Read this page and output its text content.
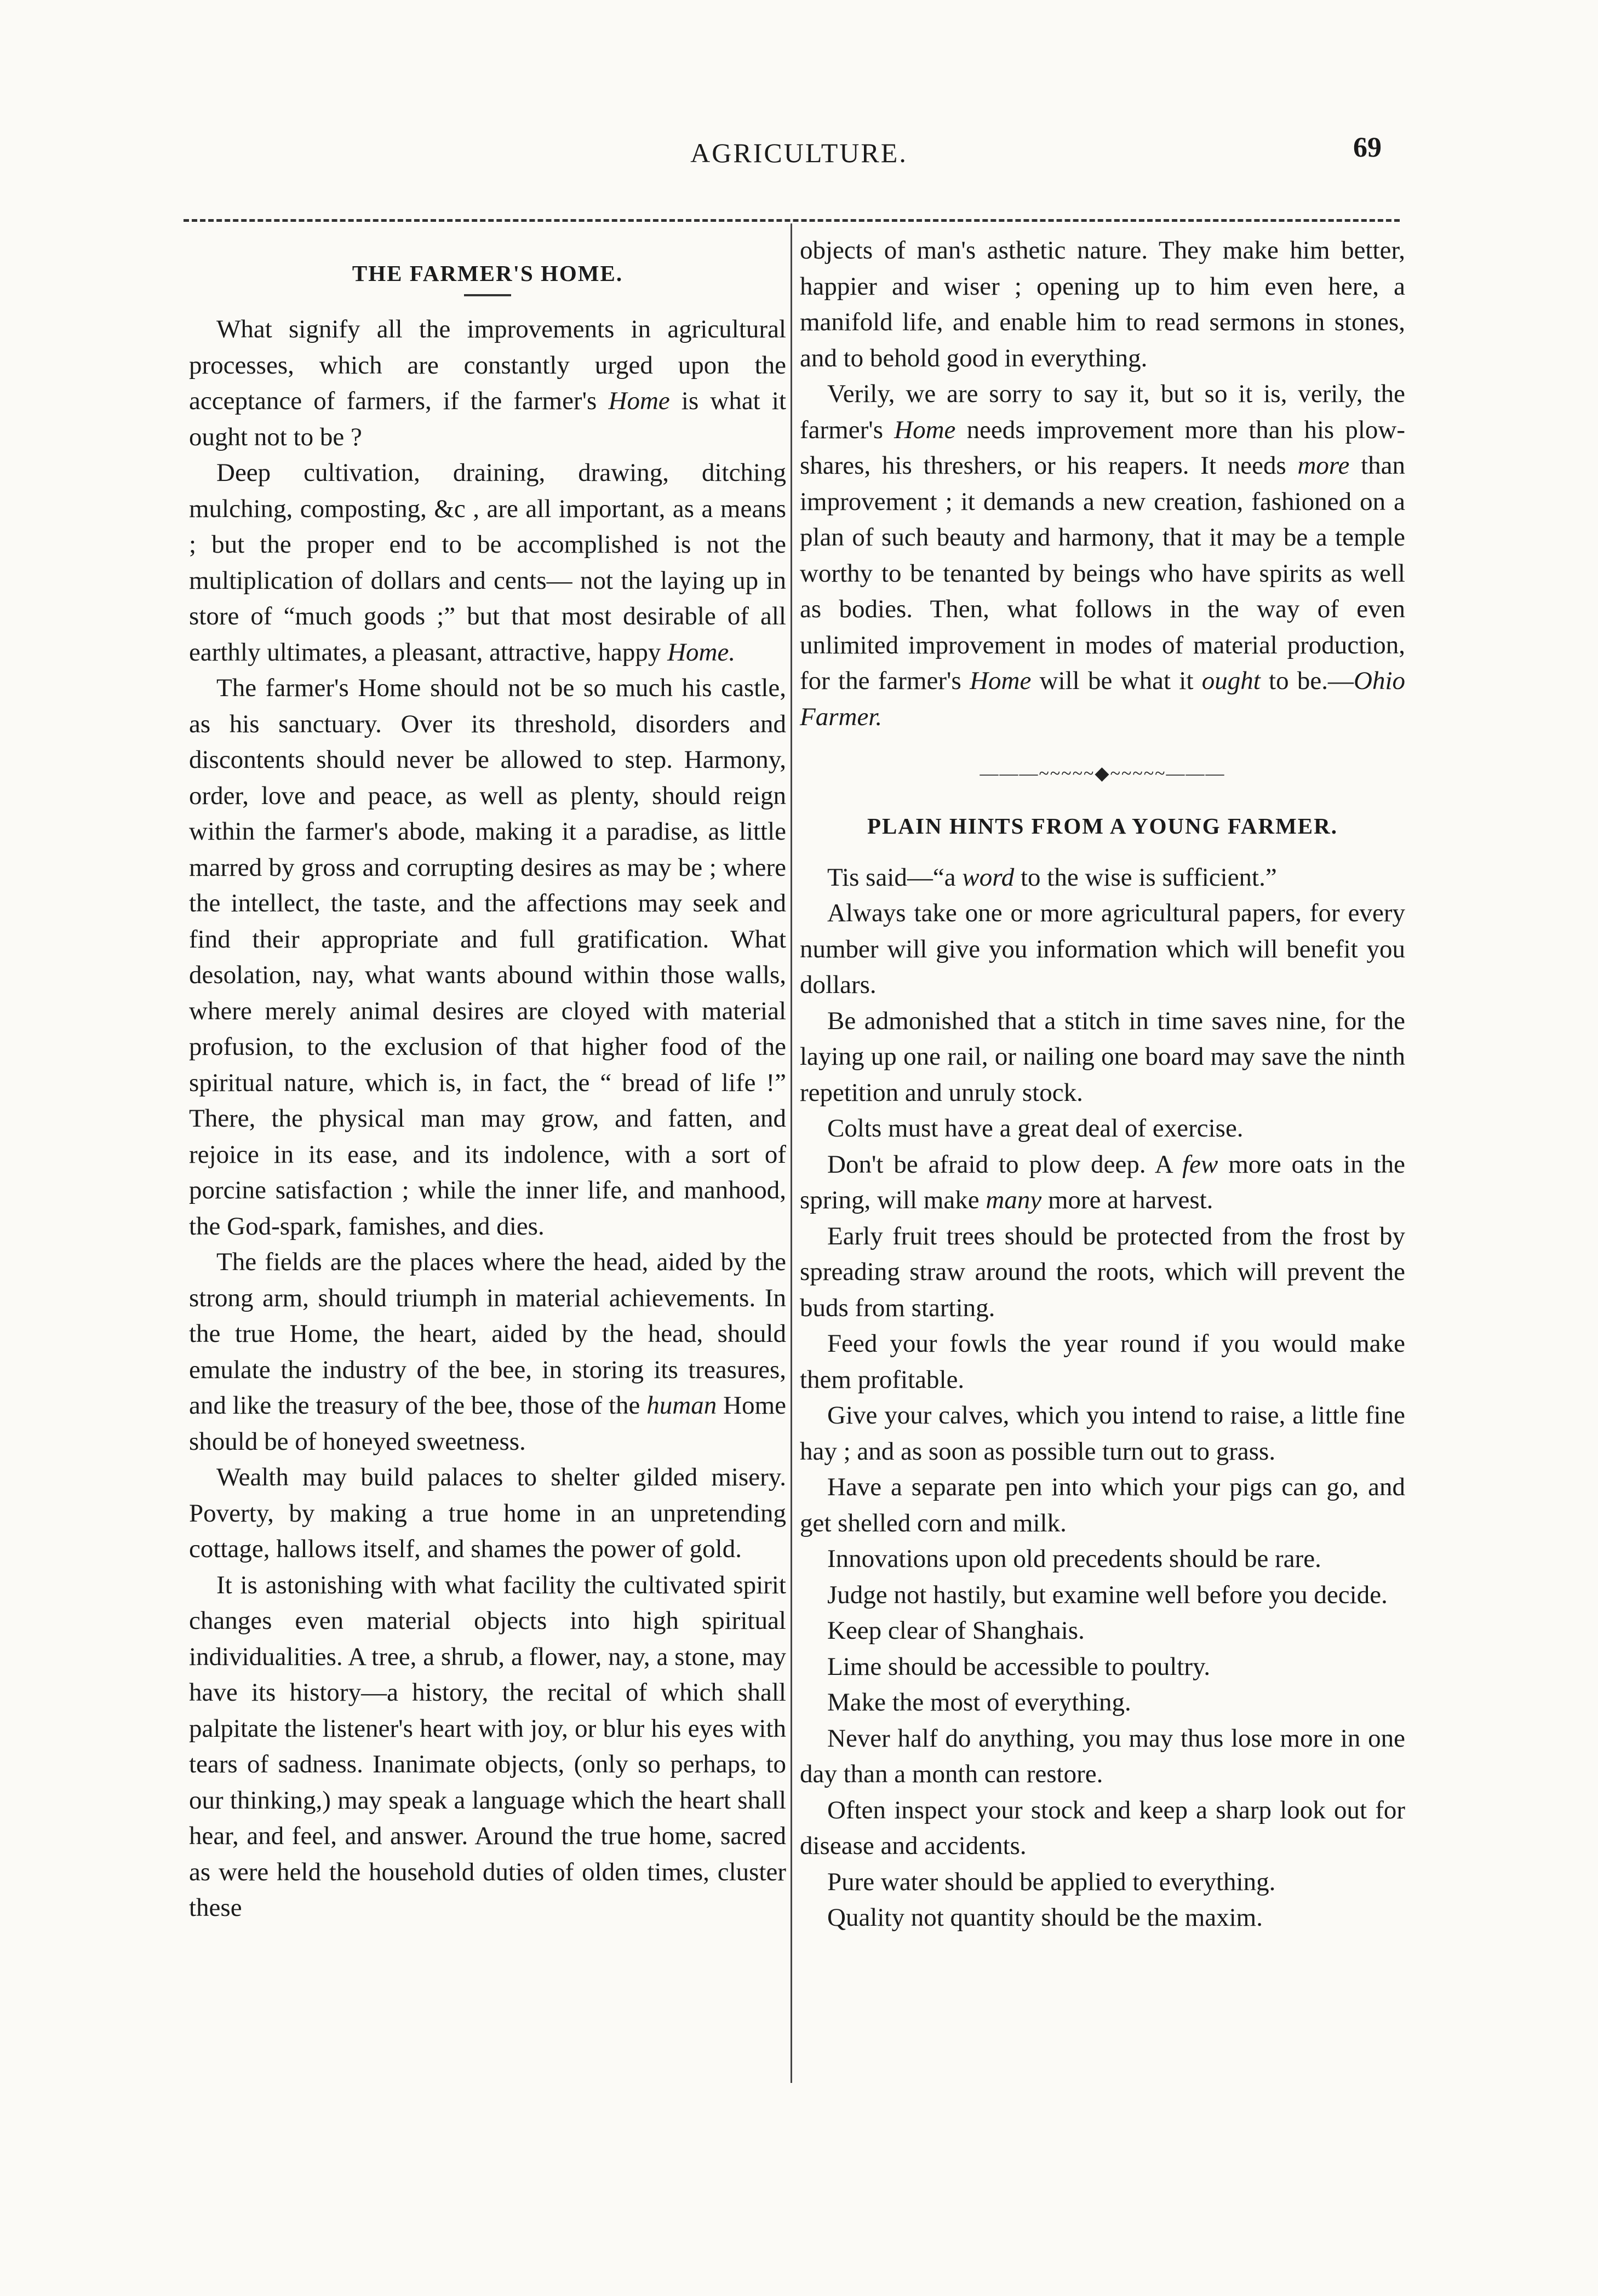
AGRICULTURE.	69
THE FARMER'S HOME.

What signify all the improvements in agricultural processes, which are constantly urged upon the acceptance of farmers, if the farmer's Home is what it ought not to be ?

Deep cultivation, draining, drawing, ditching mulching, composting, &c , are all important, as a means ; but the proper end to be accomplished is not the multiplication of dollars and cents— not the laying up in store of “much goods ;” but that most desirable of all earthly ultimates, a pleasant, attractive, happy Home.

The farmer's Home should not be so much his castle, as his sanctuary. Over its threshold, disorders and discontents should never be allowed to step. Harmony, order, love and peace, as well as plenty, should reign within the farmer's abode, making it a paradise, as little marred by gross and corrupting desires as may be ; where the intellect, the taste, and the affections may seek and find their appropriate and full gratification. What desolation, nay, what wants abound within those walls, where merely animal desires are cloyed with material profusion, to the exclusion of that higher food of the spiritual nature, which is, in fact, the “ bread of life !” There, the physical man may grow, and fatten, and rejoice in its ease, and its indolence, with a sort of porcine satisfaction ; while the inner life, and manhood, the God-spark, famishes, and dies.

The fields are the places where the head, aided by the strong arm, should triumph in material achievements. In the true Home, the heart, aided by the head, should emulate the industry of the bee, in storing its treasures, and like the treasury of the bee, those of the human Home should be of honeyed sweetness.

Wealth may build palaces to shelter gilded misery. Poverty, by making a true home in an unpretending cottage, hallows itself, and shames the power of gold.

It is astonishing with what facility the cultivated spirit changes even material objects into high spiritual individualities. A tree, a shrub, a flower, nay, a stone, may have its history—a history, the recital of which shall palpitate the listener's heart with joy, or blur his eyes with tears of sadness. Inanimate objects, (only so perhaps, to our thinking,) may speak a language which the heart shall hear, and feel, and answer. Around the true home, sacred as were held the household duties of olden times, cluster these

objects of man's asthetic nature. They make him better, happier and wiser ; opening up to him even here, a manifold life, and enable him to read sermons in stones, and to behold good in everything.

Verily, we are sorry to say it, but so it is, verily, the farmer's Home needs improvement more than his plow-shares, his threshers, or his reapers. It needs more than improvement ; it demands a new creation, fashioned on a plan of such beauty and harmony, that it may be a temple worthy to be tenanted by beings who have spirits as well as bodies. Then, what follows in the way of even unlimited improvement in modes of material production, for the farmer's Home will be what it ought to be.—Ohio Farmer.

———~~~~~◆~~~~~———
PLAIN HINTS FROM A YOUNG FARMER.

Tis said—“a word to the wise is sufficient.”

Always take one or more agricultural papers, for every number will give you information which will benefit you dollars.

Be admonished that a stitch in time saves nine, for the laying up one rail, or nailing one board may save the ninth repetition and unruly stock.

Colts must have a great deal of exercise.

Don't be afraid to plow deep. A few more oats in the spring, will make many more at harvest.

Early fruit trees should be protected from the frost by spreading straw around the roots, which will prevent the buds from starting.

Feed your fowls the year round if you would make them profitable.

Give your calves, which you intend to raise, a little fine hay ; and as soon as possible turn out to grass.

Have a separate pen into which your pigs can go, and get shelled corn and milk.

Innovations upon old precedents should be rare.

Judge not hastily, but examine well before you decide.

Keep clear of Shanghais.

Lime should be accessible to poultry.

Make the most of everything.

Never half do anything, you may thus lose more in one day than a month can restore.

Often inspect your stock and keep a sharp look out for disease and accidents.

Pure water should be applied to everything.

Quality not quantity should be the maxim.
